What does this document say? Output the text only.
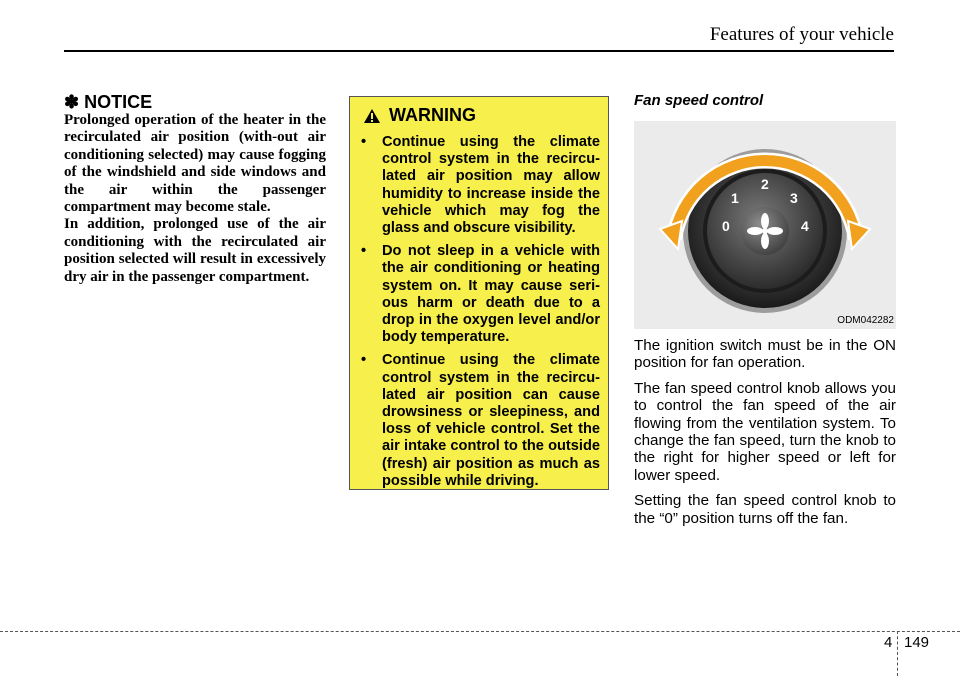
Features of your vehicle
✽ NOTICE

Prolonged operation of the heater in the recirculated air position (with-out air conditioning selected) may cause fogging of the windshield and side windows and the air within the passenger compartment may become stale.

In addition, prolonged use of the air conditioning with the recirculated air position selected will result in excessively dry air in the passenger compartment.

WARNING
•	Continue using the climate control system in the recircu-lated air position may allow humidity to increase inside the vehicle which may fog the glass and obscure visibility.
•	Do not sleep in a vehicle with the air conditioning or heating system on. It may cause seri-ous harm or death due to a drop in the oxygen level and/or body temperature.
•	Continue using the climate control system in the recircu-lated air position can cause drowsiness or sleepiness, and loss of vehicle control. Set the air intake control to the outside (fresh) air position as much as possible while driving.
Fan speed control
0
1
2
3
4
ODM042282

The ignition switch must be in the ON position for fan operation.

The fan speed control knob allows you to control the fan speed of the air flowing from the ventilation system. To change the fan speed, turn the knob to the right for higher speed or left for lower speed.

Setting the fan speed control knob to the “0” position turns off the fan.

4 149
